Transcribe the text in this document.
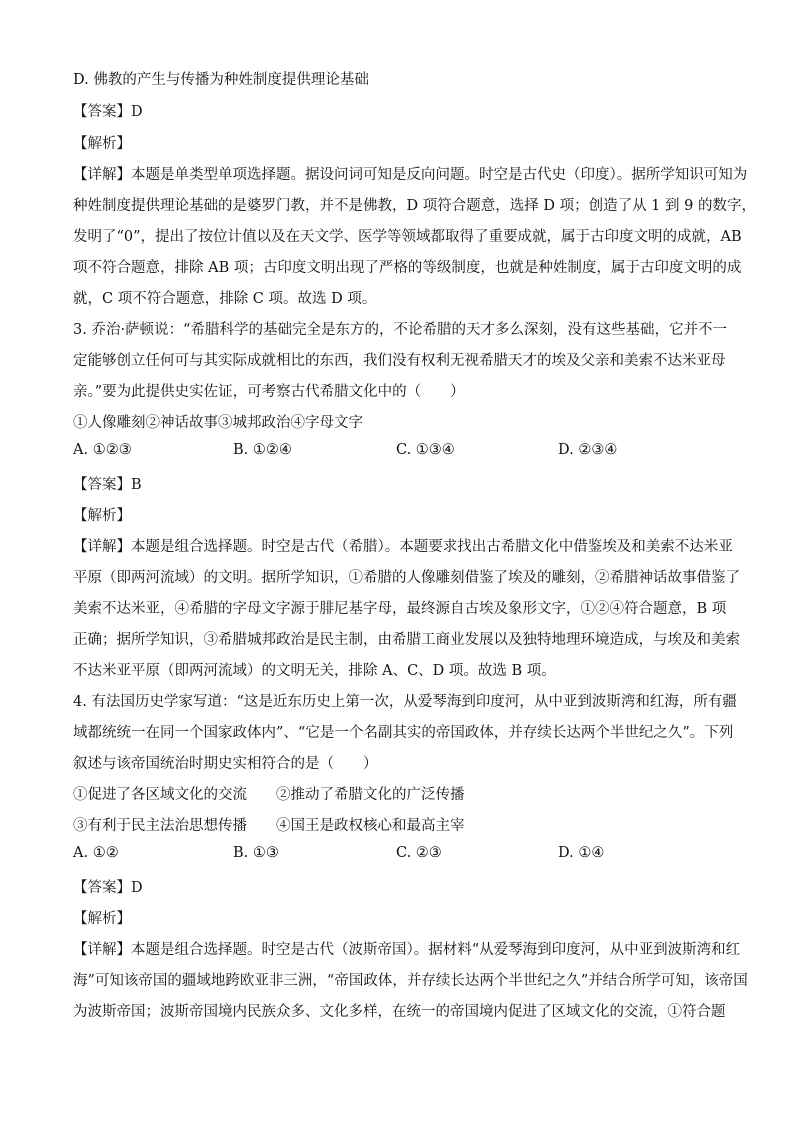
D. 佛教的产生与传播为种姓制度提供理论基础
【答案】D
【解析】
【详解】本题是单类型单项选择题。据设问词可知是反向问题。时空是古代史（印度）。据所学知识可知为
种姓制度提供理论基础的是婆罗门教，并不是佛教，D 项符合题意，选择 D 项；创造了从 1 到 9 的数字，
发明了“0”，提出了按位计值以及在天文学、医学等领域都取得了重要成就，属于古印度文明的成就，AB
项不符合题意，排除 AB 项；古印度文明出现了严格的等级制度，也就是种姓制度，属于古印度文明的成
就，C 项不符合题意，排除 C 项。故选 D 项。
3. 乔治·萨顿说：“希腊科学的基础完全是东方的，不论希腊的天才多么深刻，没有这些基础，它并不一
定能够创立任何可与其实际成就相比的东西，我们没有权利无视希腊天才的埃及父亲和美索不达米亚母
亲。”要为此提供史实佐证，可考察古代希腊文化中的（　　）
①人像雕刻②神话故事③城邦政治④字母文字
A. ①②③	B. ①②④	C. ①③④	D. ②③④
【答案】B
【解析】
【详解】本题是组合选择题。时空是古代（希腊）。本题要求找出古希腊文化中借鉴埃及和美索不达米亚
平原（即两河流域）的文明。据所学知识，①希腊的人像雕刻借鉴了埃及的雕刻，②希腊神话故事借鉴了
美索不达米亚，④希腊的字母文字源于腓尼基字母，最终源自古埃及象形文字，①②④符合题意，B 项
正确；据所学知识，③希腊城邦政治是民主制，由希腊工商业发展以及独特地理环境造成，与埃及和美索
不达米亚平原（即两河流域）的文明无关，排除 A、C、D 项。故选 B 项。
4. 有法国历史学家写道：“这是近东历史上第一次，从爱琴海到印度河，从中亚到波斯湾和红海，所有疆
域都统统一在同一个国家政体内”、“它是一个名副其实的帝国政体，并存续长达两个半世纪之久”。下列
叙述与该帝国统治时期史实相符合的是（　　）
①促进了各区域文化的交流　　②推动了希腊文化的广泛传播
③有利于民主法治思想传播　　④国王是政权核心和最高主宰
A. ①②	B. ①③	C. ②③	D. ①④
【答案】D
【解析】
【详解】本题是组合选择题。时空是古代（波斯帝国）。据材料“从爱琴海到印度河，从中亚到波斯湾和红
海”可知该帝国的疆域地跨欧亚非三洲，“帝国政体，并存续长达两个半世纪之久”并结合所学可知，该帝国
为波斯帝国；波斯帝国境内民族众多、文化多样，在统一的帝国境内促进了区域文化的交流，①符合题
